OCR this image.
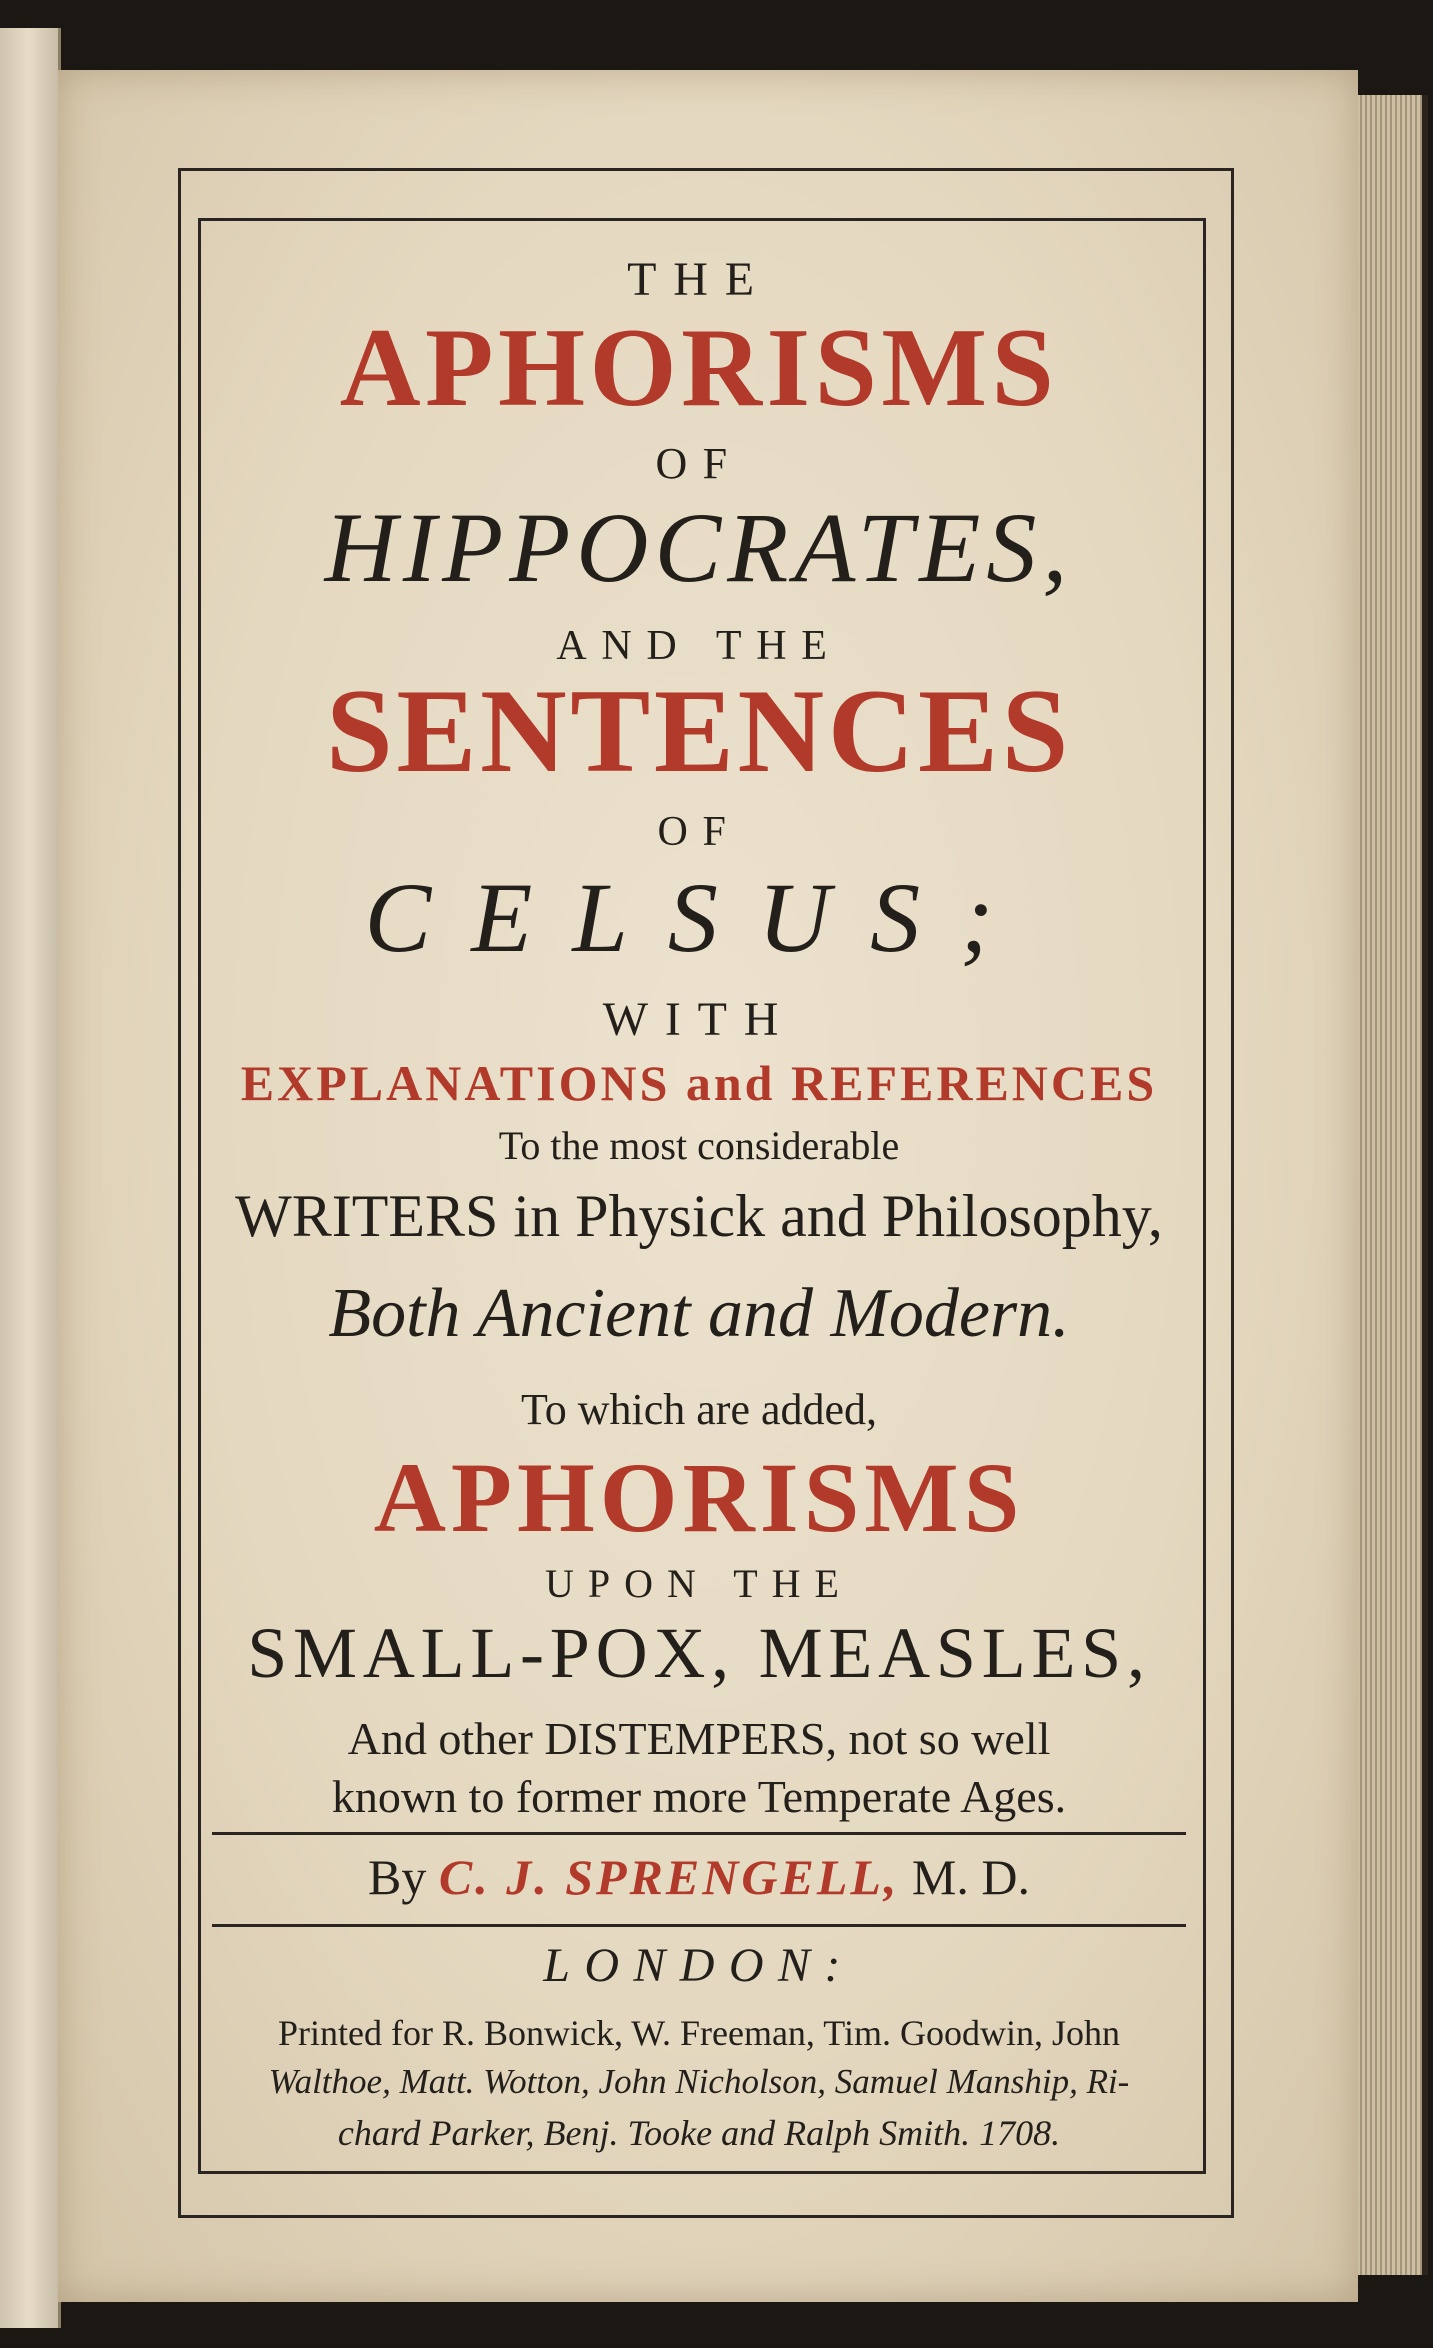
THE
APHORISMS
OF
HIPPOCRATES,
AND THE
SENTENCES
OF
CELSUS;
WITH
EXPLANATIONS and REFERENCES
To the most considerable
WRITERS in Physick and Philosophy,
Both Ancient and Modern.
To which are added,
APHORISMS
UPON THE
SMALL-POX, MEASLES,
And other DISTEMPERS, not so well
known to former more Temperate Ages.
By C. J. SPRENGELL, M. D.
LONDON:
Printed for R. Bonwick, W. Freeman, Tim. Goodwin, John
Walthoe, Matt. Wotton, John Nicholson, Samuel Manship, Ri-
chard Parker, Benj. Tooke and Ralph Smith. 1708.
